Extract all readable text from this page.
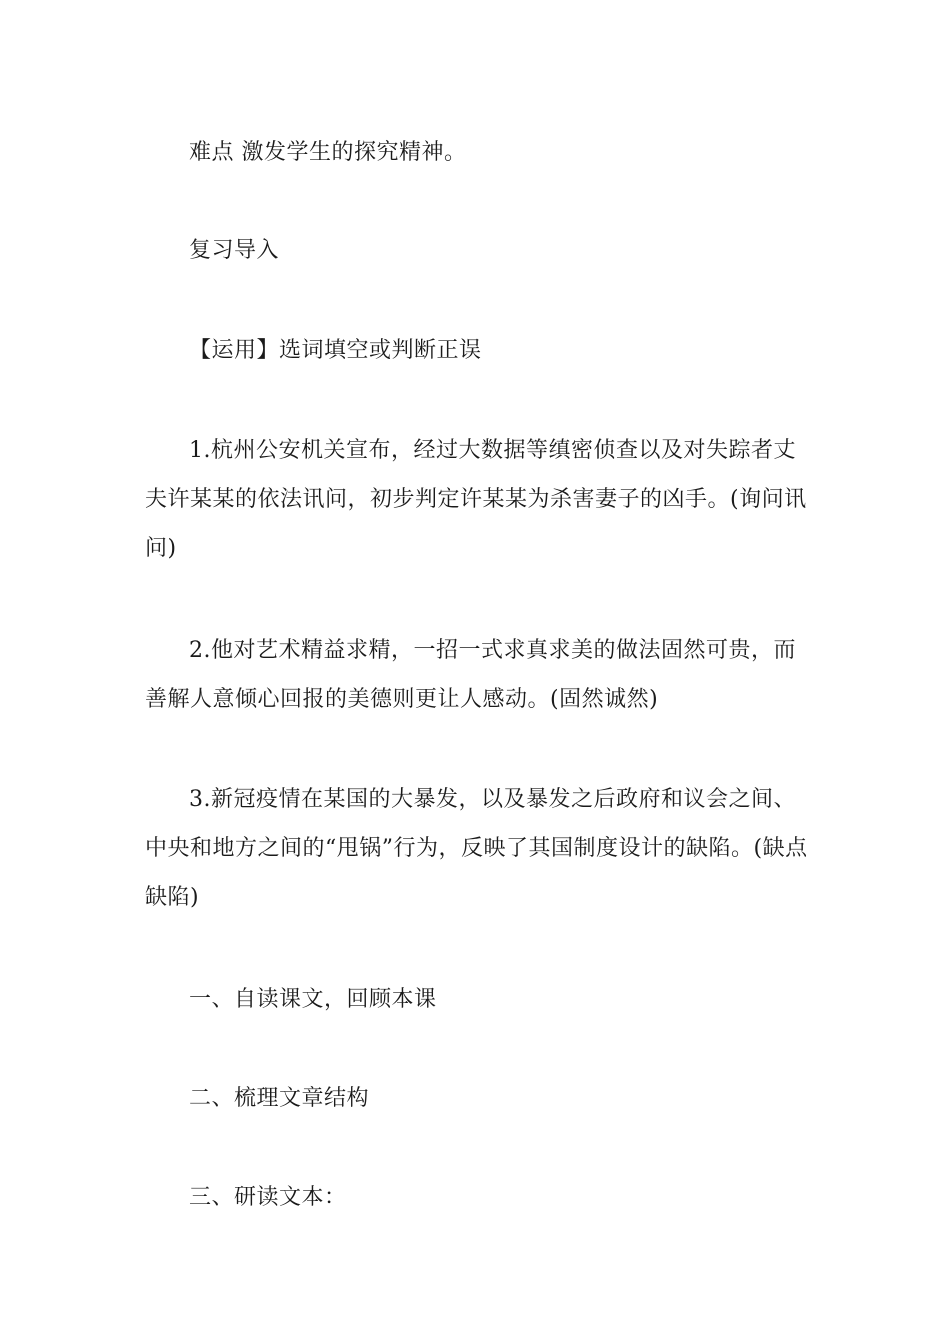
难点 激发学生的探究精神。

复习导入

【运用】选词填空或判断正误

1.杭州公安机关宣布，经过大数据等缜密侦查以及对失踪者丈夫许某某的依法讯问，初步判定许某某为杀害妻子的凶手。(询问讯问)

2.他对艺术精益求精，一招一式求真求美的做法固然可贵，而善解人意倾心回报的美德则更让人感动。(固然诚然)

3.新冠疫情在某国的大暴发，以及暴发之后政府和议会之间、中央和地方之间的“甩锅”行为，反映了其国制度设计的缺陷。(缺点缺陷)

一、自读课文，回顾本课

二、梳理文章结构

三、研读文本：
